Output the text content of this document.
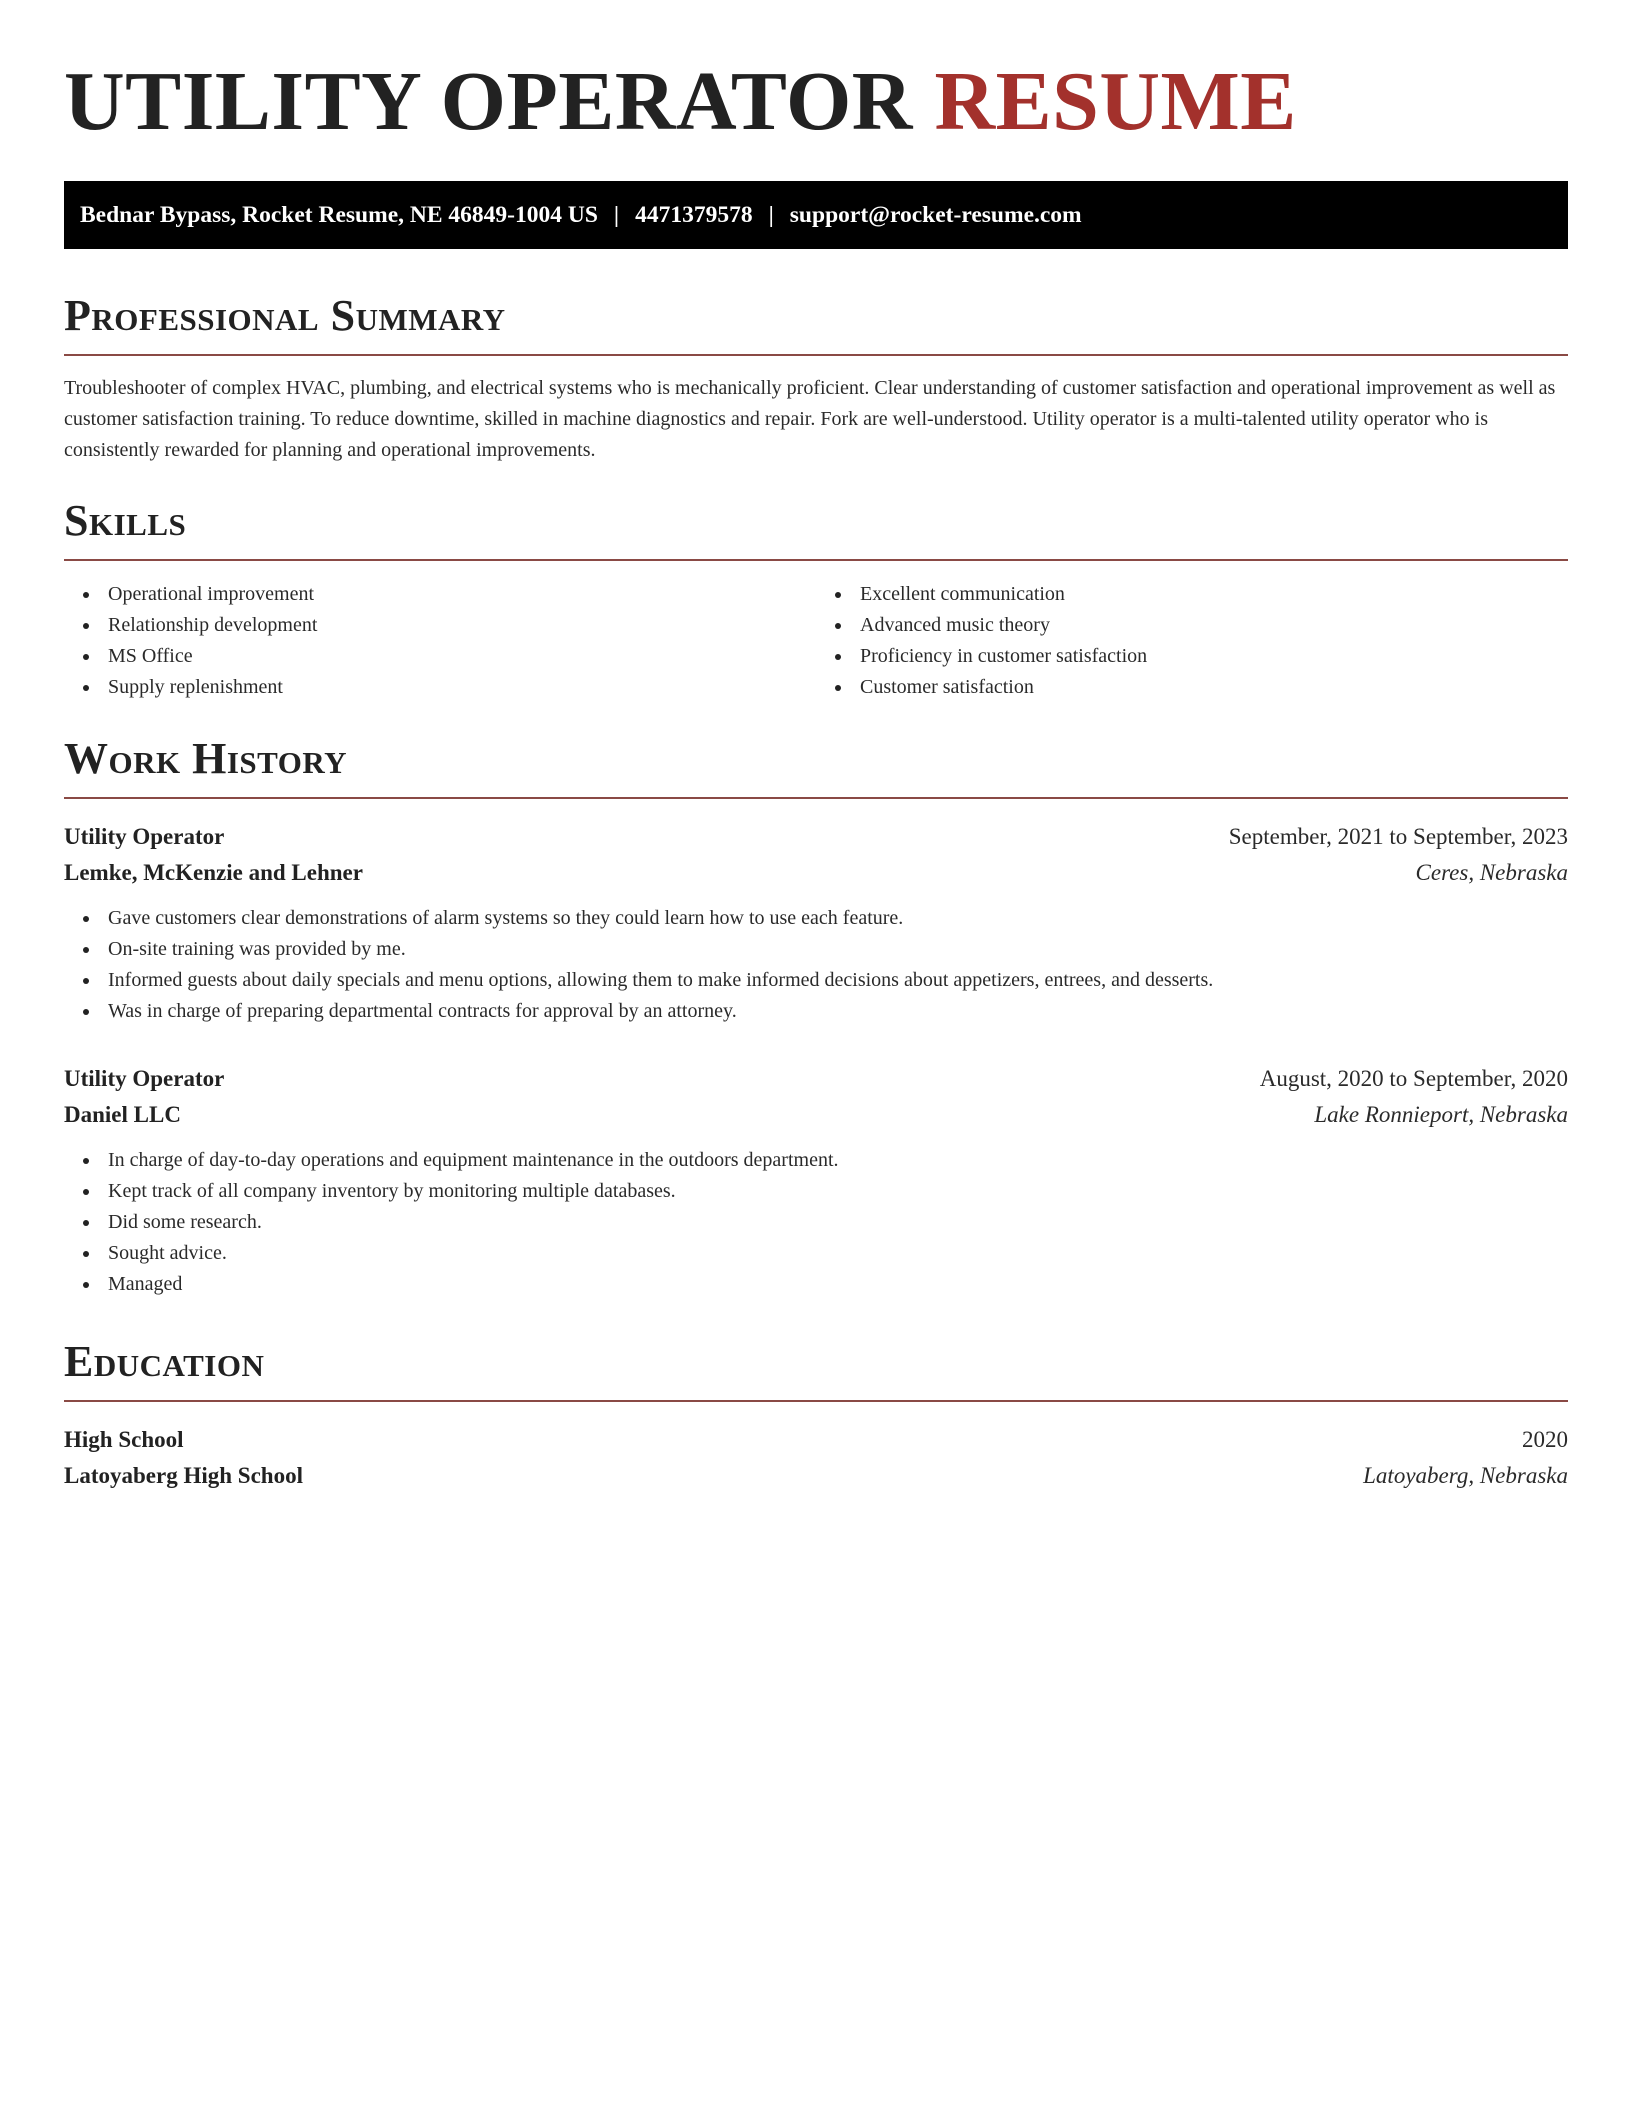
UTILITY OPERATOR RESUME
Bednar Bypass, Rocket Resume, NE 46849-1004 US | 4471379578 | support@rocket-resume.com
Professional Summary

Troubleshooter of complex HVAC, plumbing, and electrical systems who is mechanically proficient. Clear understanding of customer satisfaction and operational improvement as well as customer satisfaction training. To reduce downtime, skilled in machine diagnostics and repair. Fork are well-understood. Utility operator is a multi-talented utility operator who is consistently rewarded for planning and operational improvements.

Skills
Operational improvement
Relationship development
MS Office
Supply replenishment
Excellent communication
Advanced music theory
Proficiency in customer satisfaction
Customer satisfaction
Work History
Utility Operator	September, 2021 to September, 2023
Lemke, McKenzie and Lehner	Ceres, Nebraska
Gave customers clear demonstrations of alarm systems so they could learn how to use each feature.
On-site training was provided by me.
Informed guests about daily specials and menu options, allowing them to make informed decisions about appetizers, entrees, and desserts.
Was in charge of preparing departmental contracts for approval by an attorney.
Utility Operator	August, 2020 to September, 2020
Daniel LLC	Lake Ronnieport, Nebraska
In charge of day-to-day operations and equipment maintenance in the outdoors department.
Kept track of all company inventory by monitoring multiple databases.
Did some research.
Sought advice.
Managed
Education
High School	2020
Latoyaberg High School	Latoyaberg, Nebraska
